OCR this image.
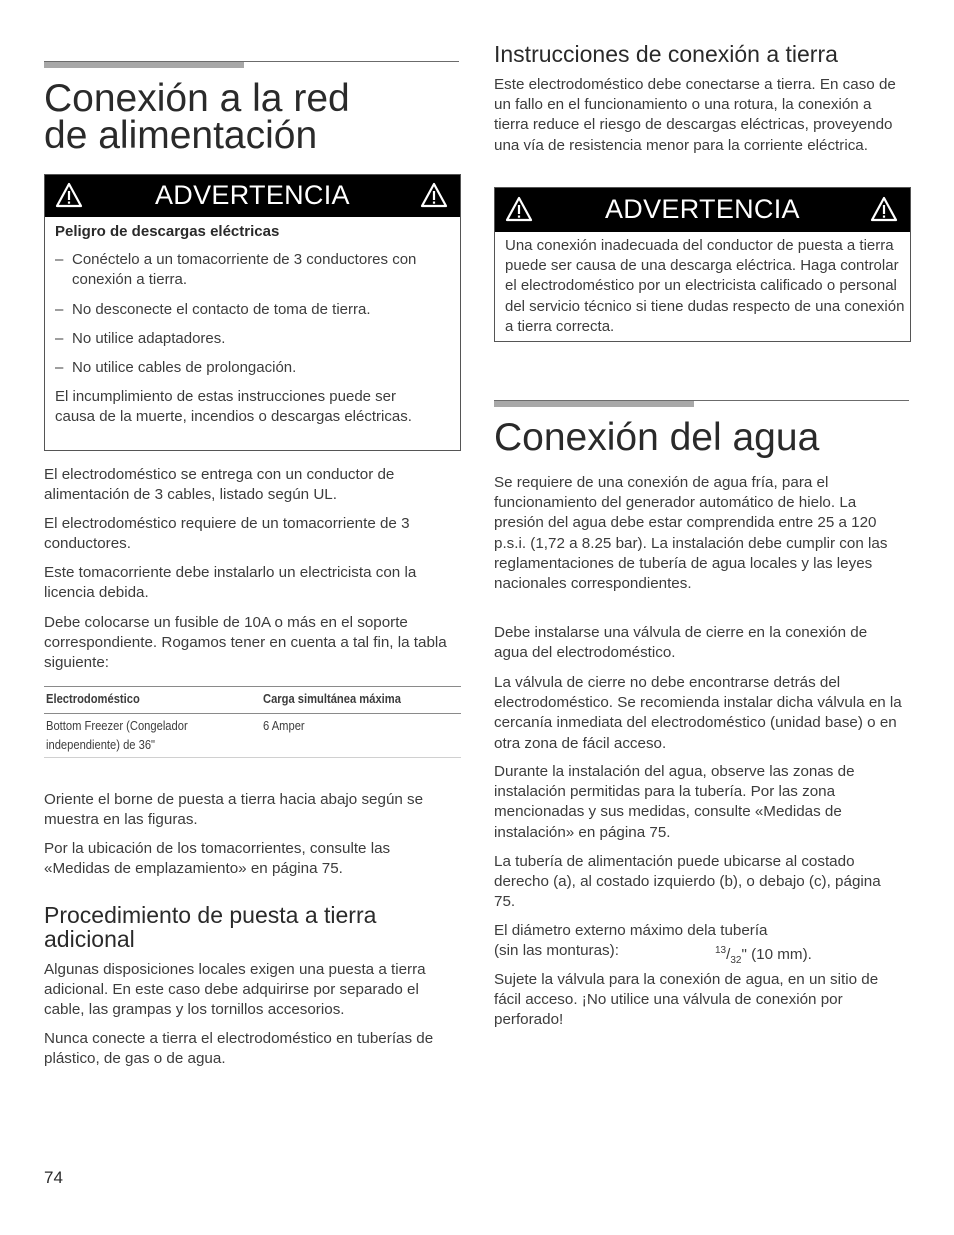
Conexión a la red
de alimentación
ADVERTENCIA
Peligro de descargas eléctricas
– Conéctelo a un tomacorriente de 3 conductores con conexión a tierra.
– No desconecte el contacto de toma de tierra.
– No utilice adaptadores.
– No utilice cables de prolongación.

El incumplimiento de estas instrucciones puede ser causa de la muerte, incendios o descargas eléctricas.

El electrodoméstico se entrega con un conductor de alimentación de 3 cables, listado según UL.

El electrodoméstico requiere de un tomacorriente de 3 conductores.

Este tomacorriente debe instalarlo un electricista con la licencia debida.

Debe colocarse un fusible de 10A o más en el soporte correspondiente. Rogamos tener en cuenta a tal fin, la tabla siguiente:

Electrodoméstico	Carga simultánea máxima
Bottom Freezer (Congelador independiente) de 36"
6 Amper

Oriente el borne de puesta a tierra hacia abajo según se muestra en las figuras.

Por la ubicación de los tomacorrientes, consulte las «Medidas de emplazamiento» en página 75.

Procedimiento de puesta a tierra adicional

Algunas disposiciones locales exigen una puesta a tierra adicional. En este caso debe adquirirse por separado el cable, las grampas y los tornillos accesorios.

Nunca conecte a tierra el electrodoméstico en tuberías de plástico, de gas o de agua.

74
Instrucciones de conexión a tierra

Este electrodoméstico debe conectarse a tierra. En caso de un fallo en el funcionamiento o una rotura, la conexión a tierra reduce el riesgo de descargas eléctricas, proveyendo una vía de resistencia menor para la corriente eléctrica.

ADVERTENCIA

Una conexión inadecuada del conductor de puesta a tierra puede ser causa de una descarga eléctrica. Haga controlar el electrodoméstico por un electricista calificado o personal del servicio técnico si tiene dudas respecto de una conexión a tierra correcta.

Conexión del agua

Se requiere de una conexión de agua fría, para el funcionamiento del generador automático de hielo. La presión del agua debe estar comprendida entre 25 a 120 p.s.i. (1,72 a 8.25 bar). La instalación debe cumplir con las reglamentaciones de tubería de agua locales y las leyes nacionales correspondientes.

Debe instalarse una válvula de cierre en la conexión de agua del electrodoméstico.

La válvula de cierre no debe encontrarse detrás del electrodoméstico. Se recomienda instalar dicha válvula en la cercanía inmediata del electrodoméstico (unidad base) o en otra zona de fácil acceso.

Durante la instalación del agua, observe las zonas de instalación permitidas para la tubería. Por las zona mencionadas y sus medidas, consulte «Medidas de instalación» en página 75.

La tubería de alimentación puede ubicarse al costado derecho (a), al costado izquierdo (b), o debajo (c), página 75.

El diámetro externo máximo dela tubería
(sin las monturas):	$^{13}/_{32}$" (10 mm).

Sujete la válvula para la conexión de agua, en un sitio de fácil acceso. ¡No utilice una válvula de conexión por perforado!
